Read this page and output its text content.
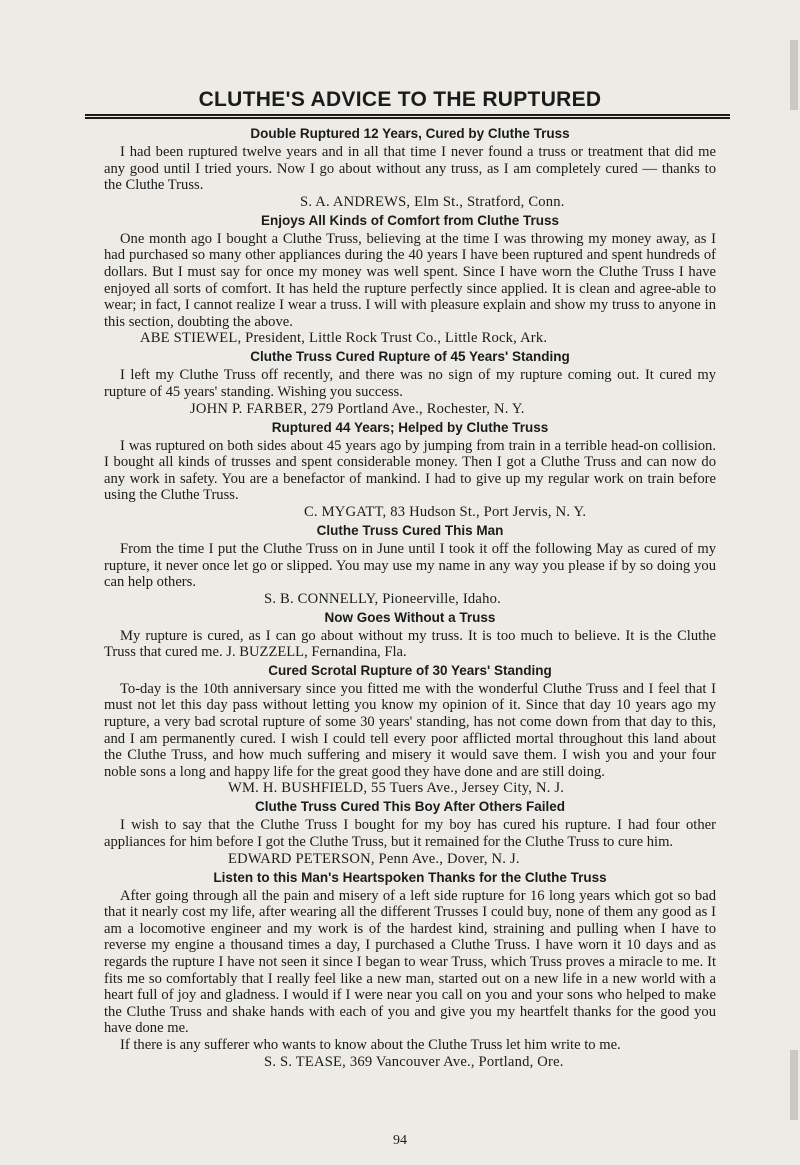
CLUTHE'S ADVICE TO THE RUPTURED
Double Ruptured 12 Years, Cured by Cluthe Truss

I had been ruptured twelve years and in all that time I never found a truss or treatment that did me any good until I tried yours. Now I go about without any truss, as I am completely cured — thanks to the Cluthe Truss.

S. A. ANDREWS, Elm St., Stratford, Conn.

Enjoys All Kinds of Comfort from Cluthe Truss

One month ago I bought a Cluthe Truss, believing at the time I was throwing my money away, as I had purchased so many other appliances during the 40 years I have been ruptured and spent hundreds of dollars. But I must say for once my money was well spent. Since I have worn the Cluthe Truss I have enjoyed all sorts of comfort. It has held the rupture perfectly since applied. It is clean and agree-able to wear; in fact, I cannot realize I wear a truss. I will with pleasure explain and show my truss to anyone in this section, doubting the above.

ABE STIEWEL, President, Little Rock Trust Co., Little Rock, Ark.

Cluthe Truss Cured Rupture of 45 Years' Standing

I left my Cluthe Truss off recently, and there was no sign of my rupture coming out. It cured my rupture of 45 years' standing. Wishing you success.

JOHN P. FARBER, 279 Portland Ave., Rochester, N. Y.

Ruptured 44 Years; Helped by Cluthe Truss

I was ruptured on both sides about 45 years ago by jumping from train in a terrible head-on collision. I bought all kinds of trusses and spent considerable money. Then I got a Cluthe Truss and can now do any work in safety. You are a benefactor of mankind. I had to give up my regular work on train before using the Cluthe Truss.

C. MYGATT, 83 Hudson St., Port Jervis, N. Y.

Cluthe Truss Cured This Man

From the time I put the Cluthe Truss on in June until I took it off the following May as cured of my rupture, it never once let go or slipped. You may use my name in any way you please if by so doing you can help others.

S. B. CONNELLY, Pioneerville, Idaho.

Now Goes Without a Truss

My rupture is cured, as I can go about without my truss. It is too much to believe. It is the Cluthe Truss that cured me. J. BUZZELL, Fernandina, Fla.

Cured Scrotal Rupture of 30 Years' Standing

To-day is the 10th anniversary since you fitted me with the wonderful Cluthe Truss and I feel that I must not let this day pass without letting you know my opinion of it. Since that day 10 years ago my rupture, a very bad scrotal rupture of some 30 years' standing, has not come down from that day to this, and I am permanently cured. I wish I could tell every poor afflicted mortal throughout this land about the Cluthe Truss, and how much suffering and misery it would save them. I wish you and your four noble sons a long and happy life for the great good they have done and are still doing.

WM. H. BUSHFIELD, 55 Tuers Ave., Jersey City, N. J.

Cluthe Truss Cured This Boy After Others Failed

I wish to say that the Cluthe Truss I bought for my boy has cured his rupture. I had four other appliances for him before I got the Cluthe Truss, but it remained for the Cluthe Truss to cure him.

EDWARD PETERSON, Penn Ave., Dover, N. J.

Listen to this Man's Heartspoken Thanks for the Cluthe Truss

After going through all the pain and misery of a left side rupture for 16 long years which got so bad that it nearly cost my life, after wearing all the different Trusses I could buy, none of them any good as I am a locomotive engineer and my work is of the hardest kind, straining and pulling when I have to reverse my engine a thousand times a day, I purchased a Cluthe Truss. I have worn it 10 days and as regards the rupture I have not seen it since I began to wear Truss, which Truss proves a miracle to me. It fits me so comfortably that I really feel like a new man, started out on a new life in a new world with a heart full of joy and gladness. I would if I were near you call on you and your sons who helped to make the Cluthe Truss and shake hands with each of you and give you my heartfelt thanks for the good you have done me.

If there is any sufferer who wants to know about the Cluthe Truss let him write to me.

S. S. TEASE, 369 Vancouver Ave., Portland, Ore.

94
